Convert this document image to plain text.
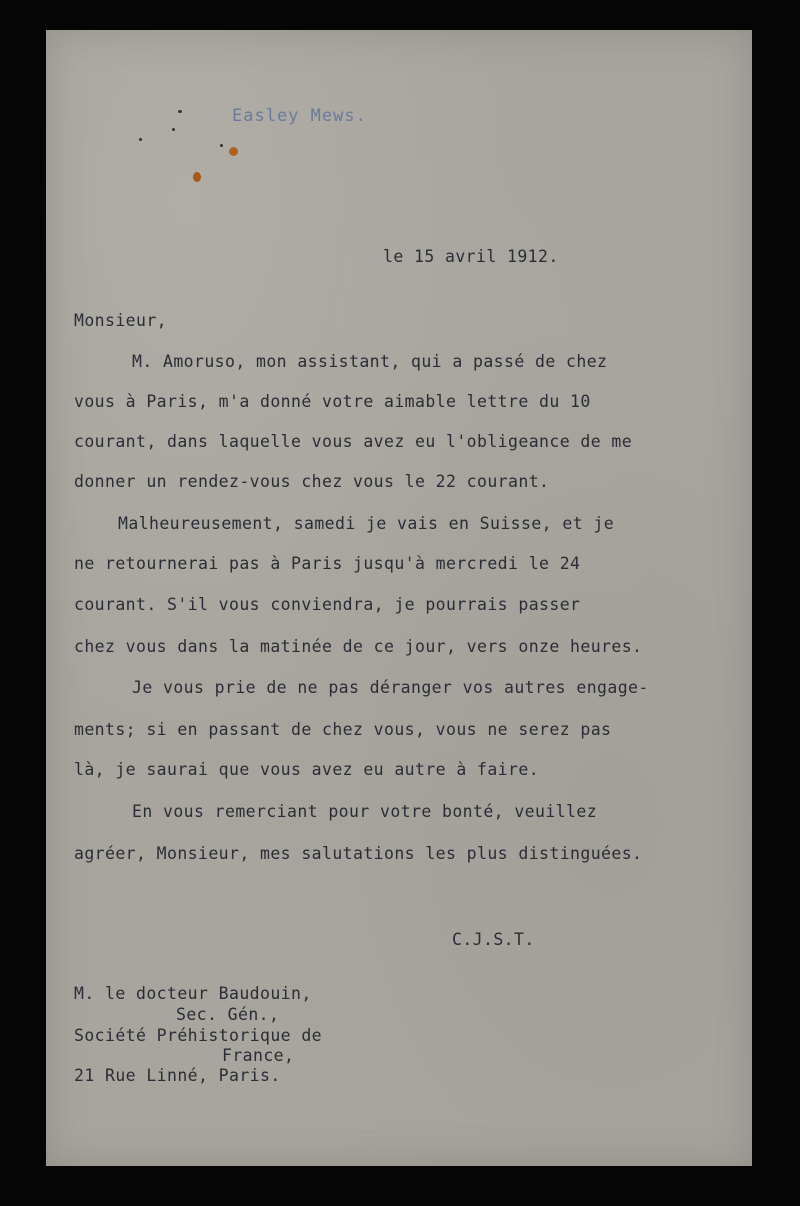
Easley Mews.

le 15 avril 1912.

Monsieur,

M. Amoruso, mon assistant, qui a passé de chez

vous à Paris, m'a donné votre aimable lettre du 10

courant, dans laquelle vous avez eu l'obligeance de me

donner un rendez-vous chez vous le 22 courant.

Malheureusement, samedi je vais en Suisse, et je

ne retournerai pas à Paris jusqu'à mercredi le 24

courant. S'il vous conviendra, je pourrais passer

chez vous dans la matinée de ce jour, vers onze heures.

Je vous prie de ne pas déranger vos autres engage-

ments; si en passant de chez vous, vous ne serez pas

là, je saurai que vous avez eu autre à faire.

En vous remerciant pour votre bonté, veuillez

agréer, Monsieur, mes salutations les plus distinguées.

C.J.S.T.

M. le docteur Baudouin,

Sec. Gén.,

Société Préhistorique de

France,

21 Rue Linné, Paris.
